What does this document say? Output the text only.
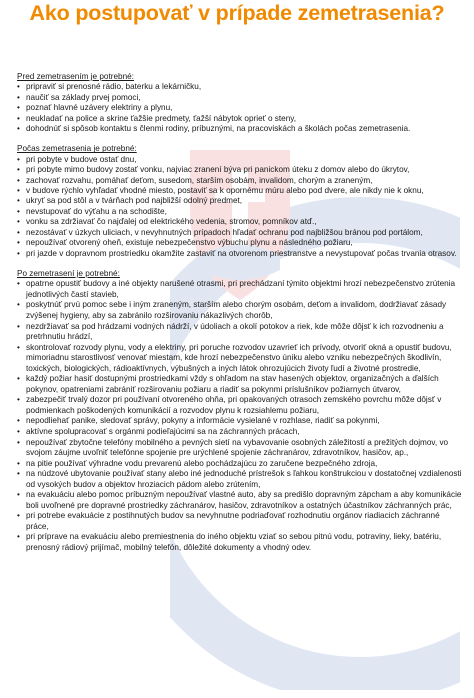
Ako postupovať v prípade zemetrasenia?

Pred zemetrasením je potrebné:

• pripraviť si prenosné rádio, baterku a lekárničku,
• naučiť sa základy prvej pomoci,
• poznať hlavné uzávery elektriny a plynu,
• neukladať na police a skrine ťažšie predmety, ťažší nábytok oprieť o steny,
• dohodnúť si spôsob kontaktu s členmi rodiny, príbuznými, na pracoviskách a školách počas zemetrasenia.

Počas zemetrasenia je potrebné:

• pri pobyte v budove ostať dnu,
• pri pobyte mimo budovy zostať vonku, najviac zranení býva pri panickom úteku z domov alebo do úkrytov,
• zachovať rozvahu, pomáhať deťom, susedom, starším osobám, invalidom, chorým a zraneným,
• v budove rýchlo vyhľadať vhodné miesto, postaviť sa k opornému múru alebo pod dvere, ale nikdy nie k oknu,
• ukryť sa pod stôl a v tvárňach pod najbližší odolný predmet,
• nevstupovať do výťahu a na schodište,
• vonku sa zdržiavať čo najďalej od elektrického vedenia, stromov, pomníkov atď.,
• nezostávať v úzkych uliciach, v nevyhnutných prípadoch hľadať ochranu pod najbližšou bránou pod portálom,
• nepoužívať otvorený oheň, existuje nebezpečenstvo výbuchu plynu a následného požiaru,
• pri jazde v dopravnom prostriedku okamžite zastaviť na otvorenom priestranstve a nevystupovať počas trvania otrasov.

Po zemetrasení je potrebné:

• opatrne opustiť budovy a iné objekty narušené otrasmi, pri prechádzaní týmito objektmi hrozí nebezpečenstvo zrútenia jednotlivých častí stavieb,
• poskytnúť prvú pomoc sebe i iným zraneným, starším alebo chorým osobám, deťom a invalidom, dodržiavať zásady zvýšenej hygieny, aby sa zabránilo rozširovaniu nákazlivých chorôb,
• nezdržiavať sa pod hrádzami vodných nádrží, v údoliach a okolí potokov a riek, kde môže dôjsť k ich rozvodneniu a pretrhnutiu hrádzí,
• skontrolovať rozvody plynu, vody a elektriny, pri poruche rozvodov uzavrieť ich prívody, otvoriť okná a opustiť budovu, mimoriadnu starostlivosť venovať miestam, kde hrozí nebezpečenstvo úniku alebo vzniku nebezpečných škodlivín, toxických, biologických, rádioaktívnych, výbušných a iných látok ohrozujúcich životy ľudí a životné prostredie,
• každý požiar hasiť dostupnými prostriedkami vždy s ohľadom na stav hasených objektov, organizačných a ďalších pokynov, opatreniami zabrániť rozširovaniu požiaru a riadiť sa pokynmi príslušníkov požiarnych útvarov,
• zabezpečiť trvalý dozor pri používaní otvoreného ohňa, pri opakovaných otrasoch zemského povrchu môže dôjsť v podmienkach poškodených komunikácií a rozvodov plynu k rozsiahlemu požiaru,
• nepodliehať panike, sledovať správy, pokyny a informácie vysielané v rozhlase, riadiť sa pokynmi,
• aktívne spolupracovať s orgánmi podieľajúcimi sa na záchranných prácach,
• nepoužívať zbytočne telefóny mobilného a pevných sietí na vybavovanie osobných záležitostí a prežitých dojmov, vo svojom záujme uvoľniť telefónne spojenie pre urýchlené spojenie záchranárov, zdravotníkov, hasičov, ap.,
• na pitie používať výhradne vodu prevarenú alebo pochádzajúcu zo zaručene bezpečného zdroja,
• na núdzové ubytovanie používať stany alebo iné jednoduché prístrešok s ľahkou konštrukciou v dostatočnej vzdialenosti od vysokých budov a objektov hroziacich pádom alebo zrútením,
• na evakuáciu alebo pomoc príbuzným nepoužívať vlastné auto, aby sa predišlo dopravným zápcham a aby komunikácie boli uvoľnené pre dopravné prostriedky záchranárov, hasičov, zdravotníkov a ostatných účastníkov záchranných prác,
• pri potrebe evakuácie z postihnutých budov sa nevyhnutne podriaďovať rozhodnutiu orgánov riadiacich záchranné práce,
• pri príprave na evakuáciu alebo premiestnenia do iného objektu vziať so sebou pitnú vodu, potraviny, lieky, batériu, prenosný rádiový prijímač, mobilný telefón, dôležité dokumenty a vhodný odev.
